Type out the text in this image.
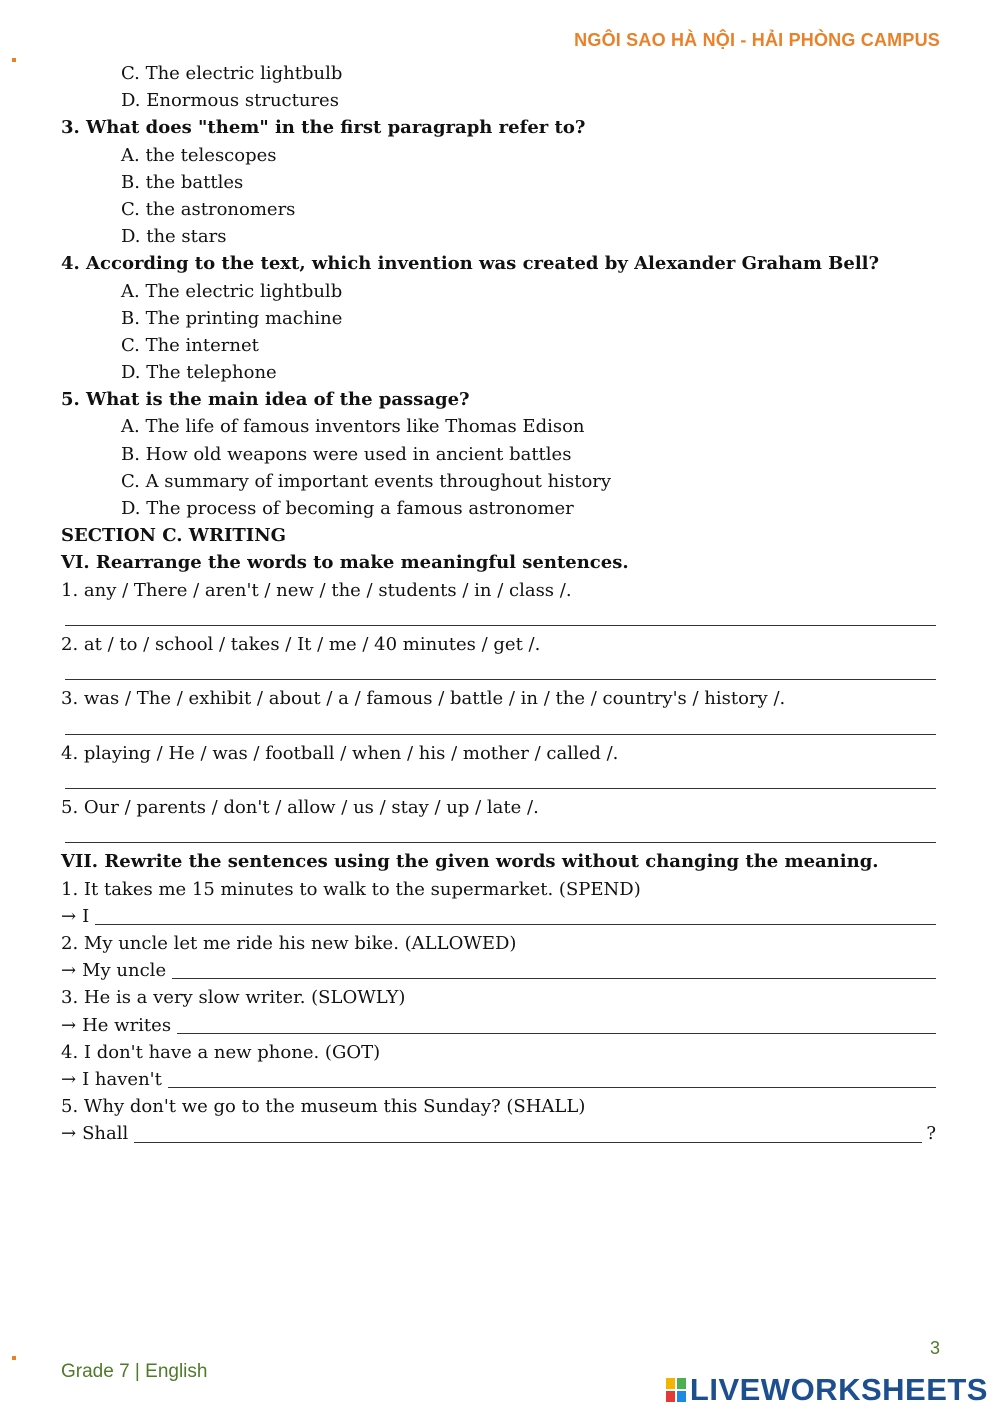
NGÔI SAO HÀ NỘI - HẢI PHÒNG CAMPUS
C. The electric lightbulb
D. Enormous structures
3. What does "them" in the first paragraph refer to?
A. the telescopes
B. the battles
C. the astronomers
D. the stars
4. According to the text, which invention was created by Alexander Graham Bell?
A. The electric lightbulb
B. The printing machine
C. The internet
D. The telephone
5. What is the main idea of the passage?
A. The life of famous inventors like Thomas Edison
B. How old weapons were used in ancient battles
C. A summary of important events throughout history
D. The process of becoming a famous astronomer
SECTION C. WRITING
VI. Rearrange the words to make meaningful sentences.
1. any / There / aren't / new / the / students / in / class /.
2. at / to / school / takes / It / me / 40 minutes / get /.
3. was / The / exhibit / about / a / famous / battle / in / the / country's / history /.
4. playing / He / was / football / when / his / mother / called /.
5. Our / parents / don't / allow / us / stay / up / late /.
VII. Rewrite the sentences using the given words without changing the meaning.
1. It takes me 15 minutes to walk to the supermarket. (SPEND)
→ I
2. My uncle let me ride his new bike. (ALLOWED)
→ My uncle
3. He is a very slow writer. (SLOWLY)
→ He writes
4. I don't have a new phone. (GOT)
→ I haven't
5. Why don't we go to the museum this Sunday? (SHALL)
→ Shall	?
3
Grade 7 | English
LIVEWORKSHEETS
